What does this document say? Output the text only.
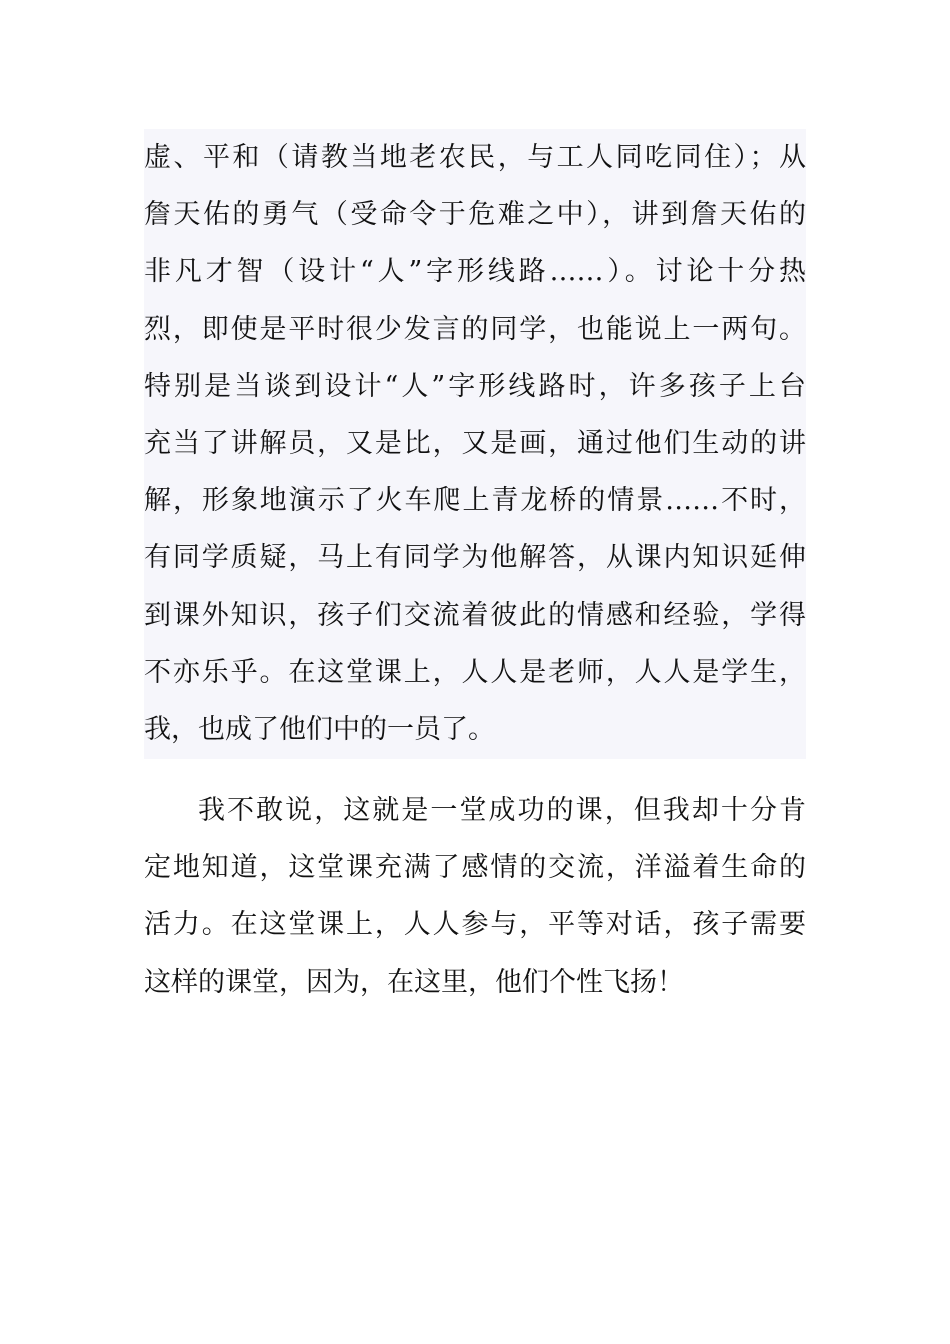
虚、平和（请教当地老农民，与工人同吃同住）；从
詹天佑的勇气（受命令于危难之中），讲到詹天佑的
非凡才智（设计“人”字形线路……）。讨论十分热
烈，即使是平时很少发言的同学，也能说上一两句。
特别是当谈到设计“人”字形线路时，许多孩子上台
充当了讲解员，又是比，又是画，通过他们生动的讲
解，形象地演示了火车爬上青龙桥的情景……不时，
有同学质疑，马上有同学为他解答，从课内知识延伸
到课外知识，孩子们交流着彼此的情感和经验，学得
不亦乐乎。在这堂课上，人人是老师，人人是学生，
我，也成了他们中的一员了。
我不敢说，这就是一堂成功的课，但我却十分肯
定地知道，这堂课充满了感情的交流，洋溢着生命的
活力。在这堂课上，人人参与，平等对话，孩子需要
这样的课堂，因为，在这里，他们个性飞扬！
